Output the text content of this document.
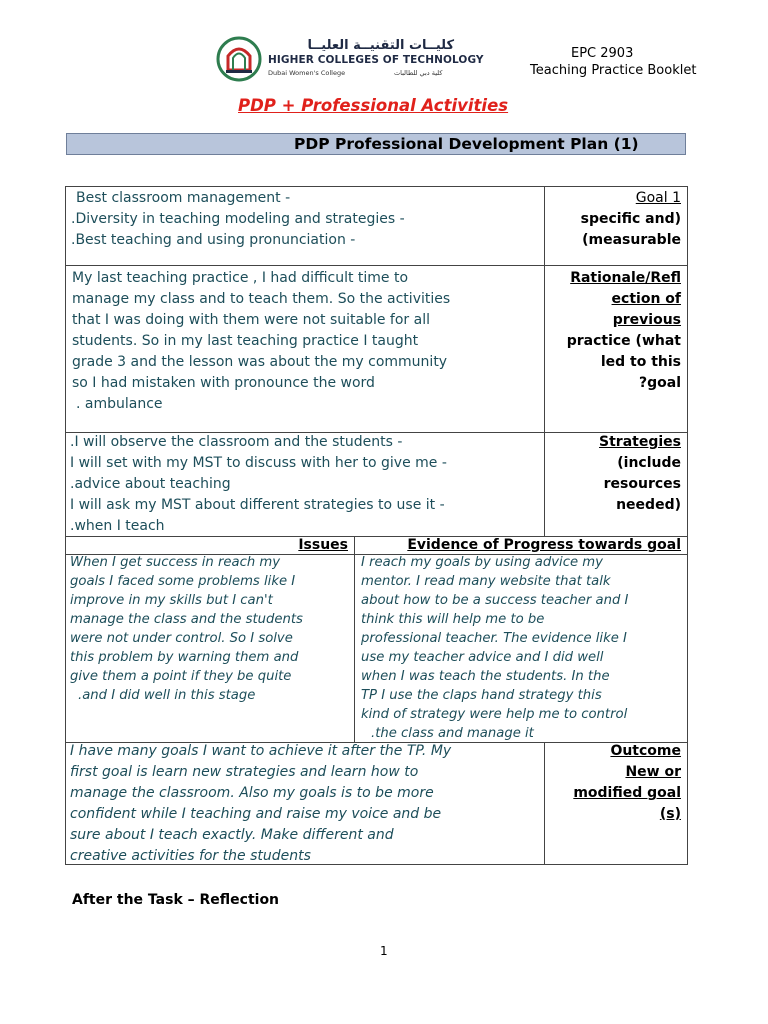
كليــات التقنيــة العليــا
HIGHER COLLEGES OF TECHNOLOGY
Dubai Women's College	كلية دبي للطالبات
EPC 2903
Teaching Practice Booklet
PDP + Professional Activities
PDP Professional Development Plan (1)
Best classroom management -
.Diversity in teaching modeling and strategies -
.Best teaching and using pronunciation -
Goal 1
specific and)
(measurable
My last teaching practice , I had difficult time to
manage my class and to teach them. So the activities
that I was doing with them were not suitable for all
students. So in my last teaching practice I taught
grade 3 and the lesson was about the my community
so I had mistaken with pronounce the word
. ambulance
Rationale/Refl
ection of
previous
practice (what
led to this
?goal
.I will observe the classroom and the students -
I will set with my MST to discuss with her to give me -
.advice about teaching
I will ask my MST about different strategies to use it -
.when I teach
Strategies
(include
resources
needed)
Issues	Evidence of Progress towards goal
When I get success in reach my
goals I faced some problems like I
improve in my skills but I can't
manage the class and the students
were not under control. So I solve
this problem by warning them and
give them a point if they be quite
.and I did well in this stage
I reach my goals by using advice my
mentor. I read many website that talk
about how to be a success teacher and I
think this will help me to be
professional teacher. The evidence like I
use my teacher advice and I did well
when I was teach the students. In the
TP I use the claps hand strategy this
kind of strategy were help me to control
.the class and manage it
I have many goals I want to achieve it after the TP. My
first goal is learn new strategies and learn how to
manage the classroom. Also my goals is to be more
confident while I teaching and raise my voice and be
sure about I teach exactly. Make different and
creative activities for the students
Outcome
New or
modified goal
(s)
After the Task – Reflection
1
